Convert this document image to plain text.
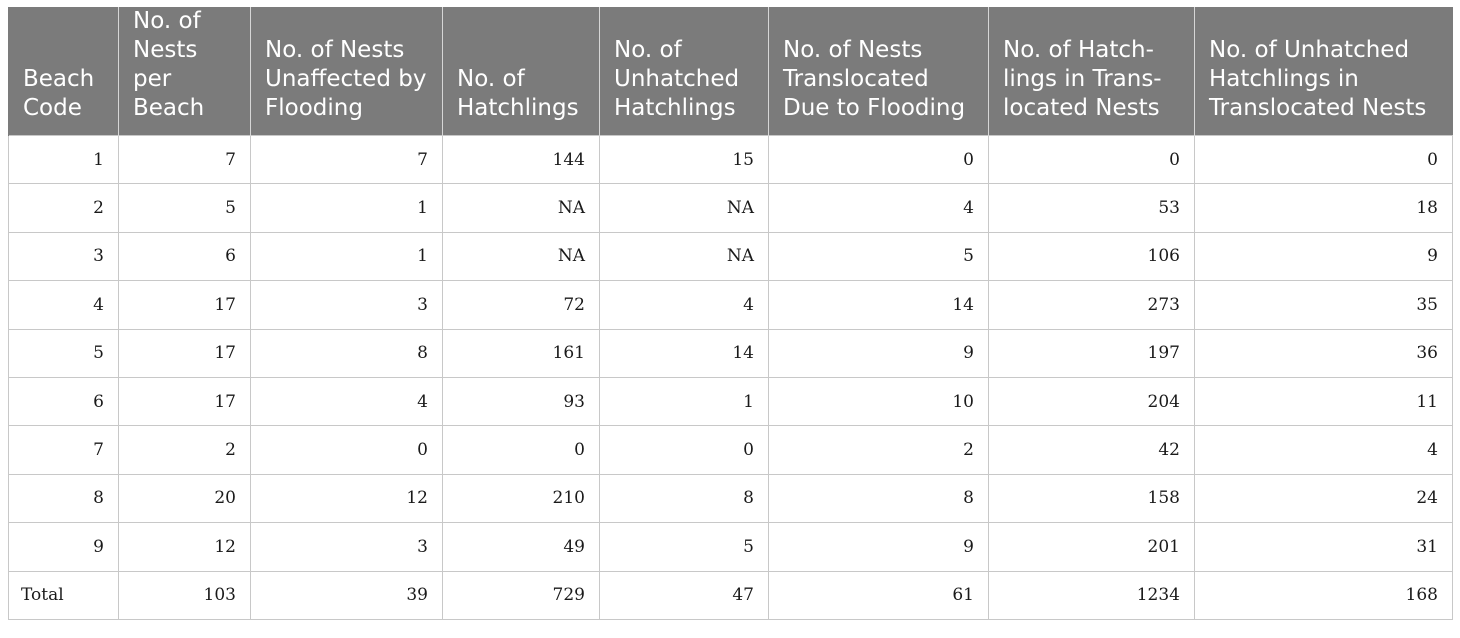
Beach Code	No. of Nests per Beach	No. of Nests Unaffected by Flooding	No. of Hatchlings	No. of Unhatched Hatchlings	No. of Nests Translocated Due to Flooding	No. of Hatch-lings in Trans-located Nests	No. of Unhatched Hatchlings in Translocated Nests
1	7	7	144	15	0	0	0
2	5	1	NA	NA	4	53	18
3	6	1	NA	NA	5	106	9
4	17	3	72	4	14	273	35
5	17	8	161	14	9	197	36
6	17	4	93	1	10	204	11
7	2	0	0	0	2	42	4
8	20	12	210	8	8	158	24
9	12	3	49	5	9	201	31
Total	103	39	729	47	61	1234	168
